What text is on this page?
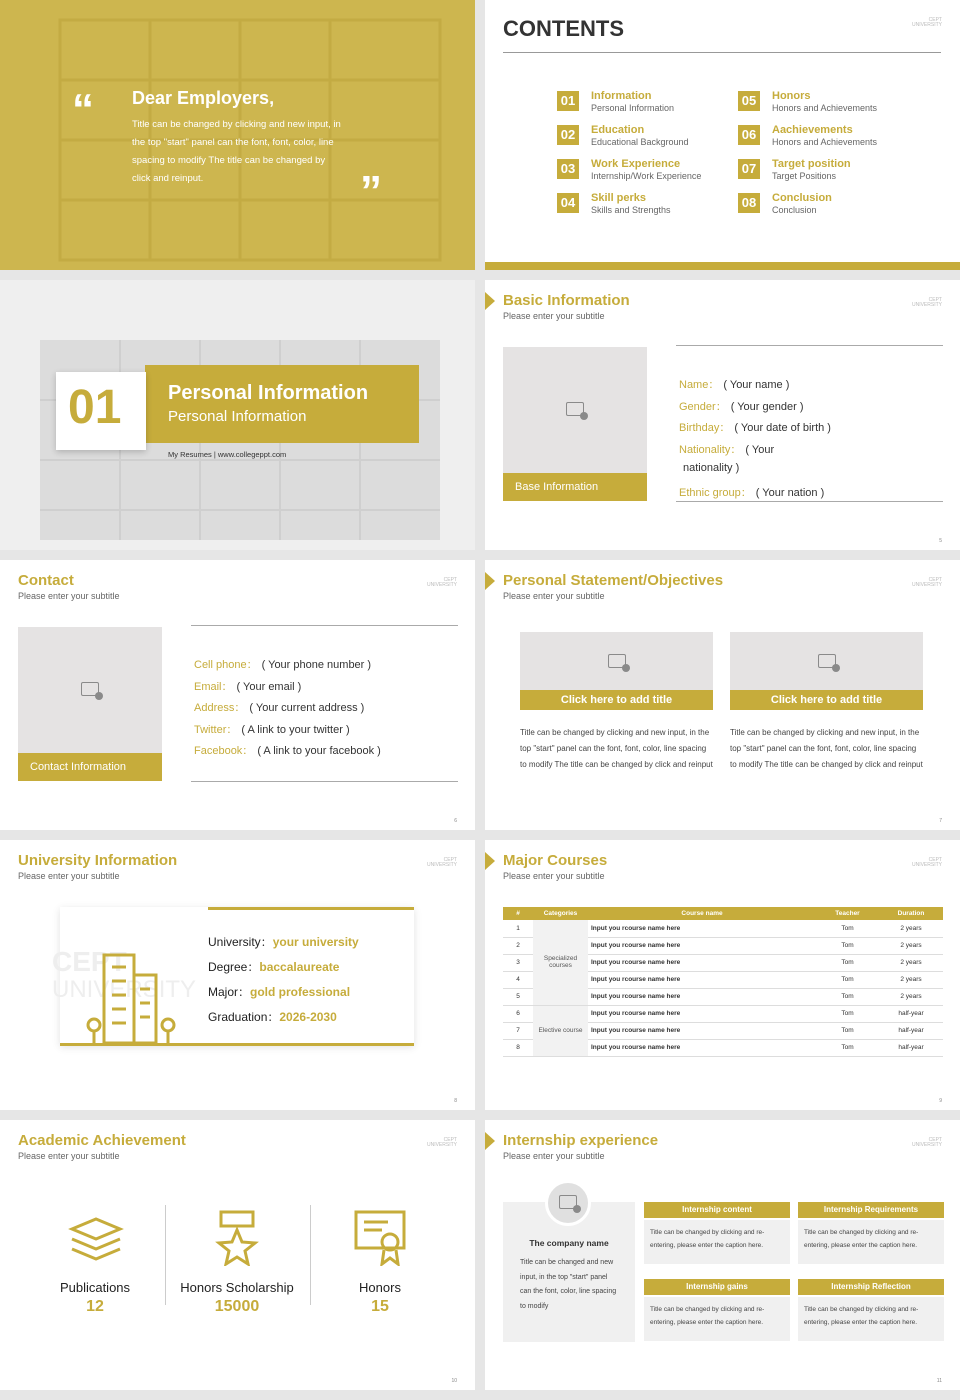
“ Dear Employers,
Title can be changed by clicking and new input, in the top "start" panel can the font, font, color, line spacing to modify The title can be changed by click and reinput.	”
CONTENTS	CEPT
UNIVERSITY
01	Information
Personal Information
02	Education
Educational Background
03	Work Experience
Internship/Work Experience
04	Skill perks
Skills and Strengths
05	Honors
Honors and Achievements
06	Aachievements
Honors and Achievements
07	Target position
Target Positions
08	Conclusion
Conclusion
01 Personal Information
Personal Information
My Resumes | www.collegeppt.com
Basic Information
Please enter your subtitle
CEPT
UNIVERSITY
Base Information
Name： ( Your name )
Gender： ( Your gender )
Birthday： ( Your date of birth )
Nationality： ( Your
nationality )
Ethnic group： ( Your nation )
5
Contact
Please enter your subtitle
CEPT
UNIVERSITY
Contact Information
Cell phone： ( Your phone number )
Email： ( Your email )
Address： ( Your current address )
Twitter： ( A link to your twitter )
Facebook： ( A link to your facebook )
6
Personal Statement/Objectives
Please enter your subtitle
CEPT
UNIVERSITY
Click here to add title
Title can be changed by clicking and new input, in the top "start" panel can the font, font, color, line spacing to modify The title can be changed by click and reinput
Click here to add title
Title can be changed by clicking and new input, in the top "start" panel can the font, font, color, line spacing to modify The title can be changed by click and reinput
7
University Information
Please enter your subtitle
CEPT
UNIVERSITY
CEPT
UNIVERSITY
University：your university
Degree：baccalaureate
Major：gold professional
Graduation：2026-2030
8
Major Courses
Please enter your subtitle
CEPT
UNIVERSITY
#	Categories	Course name	Teacher	Duration
1	Specialized courses	Input you rcourse name here	Tom	2 years
2		Input you rcourse name here	Tom	2 years
3		Input you rcourse name here	Tom	2 years
4		Input you rcourse name here	Tom	2 years
5		Input you rcourse name here	Tom	2 years
6	Elective course	Input you rcourse name here	Tom	half-year
7		Input you rcourse name here	Tom	half-year
8		Input you rcourse name here	Tom	half-year
9
Academic Achievement
Please enter your subtitle
CEPT
UNIVERSITY
Publications
12
Honors Scholarship
15000
Honors
15
10
Internship experience
Please enter your subtitle
CEPT
UNIVERSITY
The company name
Title can be changed and new input, in the top "start" panel can the font, color, line spacing to modify
Internship content
Title can be changed by clicking and re-entering, please enter the caption here.
Internship Requirements
Title can be changed by clicking and re-entering, please enter the caption here.
Internship gains
Title can be changed by clicking and re-entering, please enter the caption here.
Internship Reflection
Title can be changed by clicking and re-entering, please enter the caption here.
11
